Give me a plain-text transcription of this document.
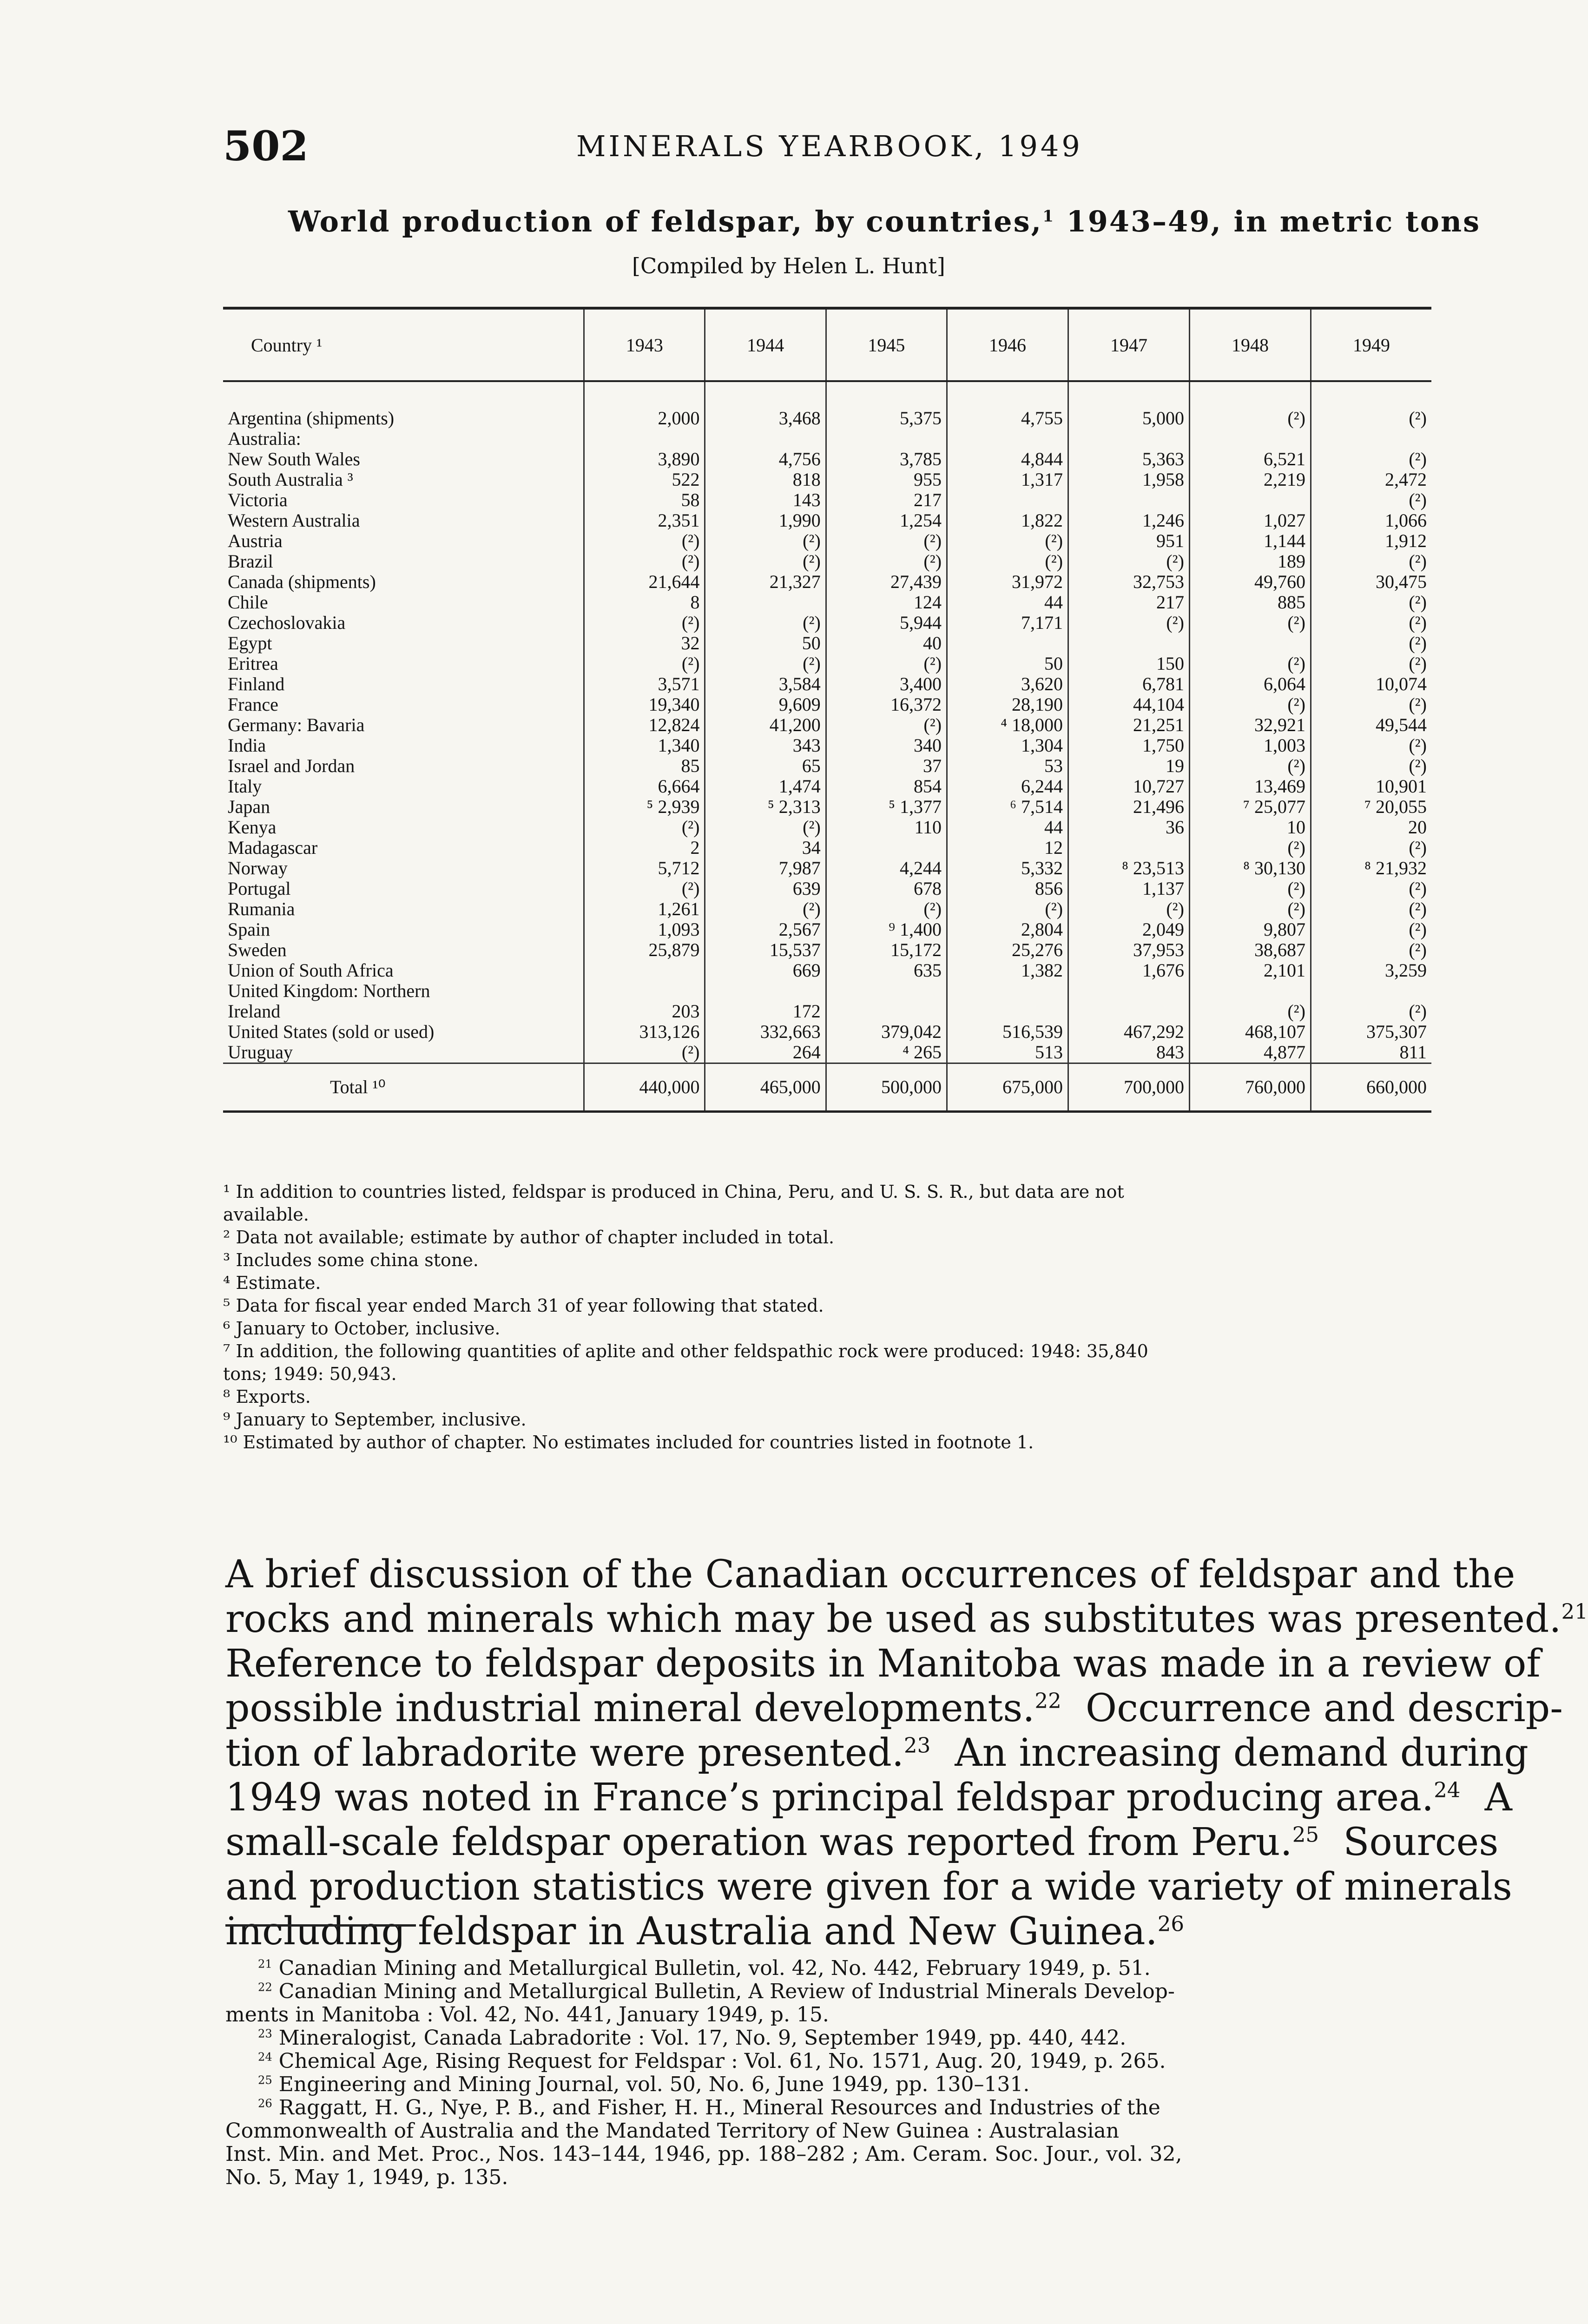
502	MINERALS YEARBOOK, 1949
World production of feldspar, by countries,$^1$ 1943–49, in metric tons
[Compiled by Helen L. Hunt]
Country ¹	1943	1944	1945	1946	1947	1948	1949

Argentina (shipments)	2,000	3,468	5,375	4,755	5,000	(²)	(²)
Australia:							
New South Wales	3,890	4,756	3,785	4,844	5,363	6,521	(²)
South Australia ³	522	818	955	1,317	1,958	2,219	2,472
Victoria	58	143	217				(²)
Western Australia	2,351	1,990	1,254	1,822	1,246	1,027	1,066
Austria	(²)	(²)	(²)	(²)	951	1,144	1,912
Brazil	(²)	(²)	(²)	(²)	(²)	189	(²)
Canada (shipments)	21,644	21,327	27,439	31,972	32,753	49,760	30,475
Chile	8		124	44	217	885	(²)
Czechoslovakia	(²)	(²)	5,944	7,171	(²)	(²)	(²)
Egypt	32	50	40				(²)
Eritrea	(²)	(²)	(²)	50	150	(²)	(²)
Finland	3,571	3,584	3,400	3,620	6,781	6,064	10,074
France	19,340	9,609	16,372	28,190	44,104	(²)	(²)
Germany: Bavaria	12,824	41,200	(²)	⁴ 18,000	21,251	32,921	49,544
India	1,340	343	340	1,304	1,750	1,003	(²)
Israel and Jordan	85	65	37	53	19	(²)	(²)
Italy	6,664	1,474	854	6,244	10,727	13,469	10,901
Japan	⁵ 2,939	⁵ 2,313	⁵ 1,377	⁶ 7,514	21,496	⁷ 25,077	⁷ 20,055
Kenya	(²)	(²)	110	44	36	10	20
Madagascar	2	34		12		(²)	(²)
Norway	5,712	7,987	4,244	5,332	⁸ 23,513	⁸ 30,130	⁸ 21,932
Portugal	(²)	639	678	856	1,137	(²)	(²)
Rumania	1,261	(²)	(²)	(²)	(²)	(²)	(²)
Spain	1,093	2,567	⁹ 1,400	2,804	2,049	9,807	(²)
Sweden	25,879	15,537	15,172	25,276	37,953	38,687	(²)
Union of South Africa		669	635	1,382	1,676	2,101	3,259
United Kingdom: Northern							
Ireland	203	172				(²)	(²)
United States (sold or used)	313,126	332,663	379,042	516,539	467,292	468,107	375,307
Uruguay	(²)	264	⁴ 265	513	843	4,877	811
Total ¹⁰	440,000	465,000	500,000	675,000	700,000	760,000	660,000
¹ In addition to countries listed, feldspar is produced in China, Peru, and U. S. S. R., but data are not
available.
² Data not available; estimate by author of chapter included in total.
³ Includes some china stone.
⁴ Estimate.
⁵ Data for fiscal year ended March 31 of year following that stated.
⁶ January to October, inclusive.
⁷ In addition, the following quantities of aplite and other feldspathic rock were produced: 1948: 35,840
tons; 1949: 50,943.
⁸ Exports.
⁹ January to September, inclusive.
¹⁰ Estimated by author of chapter. No estimates included for countries listed in footnote 1.
A brief discussion of the Canadian occurrences of feldspar and the
rocks and minerals which may be used as substitutes was presented.$^{21}$
Reference to feldspar deposits in Manitoba was made in a review of
possible industrial mineral developments.$^{22}$  Occurrence and descrip-
tion of labradorite were presented.$^{23}$  An increasing demand during
1949 was noted in France’s principal feldspar producing area.$^{24}$  A
small-scale feldspar operation was reported from Peru.$^{25}$  Sources
and production statistics were given for a wide variety of minerals
including feldspar in Australia and New Guinea.$^{26}$
$^{21}$ Canadian Mining and Metallurgical Bulletin, vol. 42, No. 442, February 1949, p. 51.
$^{22}$ Canadian Mining and Metallurgical Bulletin, A Review of Industrial Minerals Develop-
ments in Manitoba : Vol. 42, No. 441, January 1949, p. 15.
$^{23}$ Mineralogist, Canada Labradorite : Vol. 17, No. 9, September 1949, pp. 440, 442.
$^{24}$ Chemical Age, Rising Request for Feldspar : Vol. 61, No. 1571, Aug. 20, 1949, p. 265.
$^{25}$ Engineering and Mining Journal, vol. 50, No. 6, June 1949, pp. 130–131.
$^{26}$ Raggatt, H. G., Nye, P. B., and Fisher, H. H., Mineral Resources and Industries of the
Commonwealth of Australia and the Mandated Territory of New Guinea : Australasian
Inst. Min. and Met. Proc., Nos. 143–144, 1946, pp. 188–282 ; Am. Ceram. Soc. Jour., vol. 32,
No. 5, May 1, 1949, p. 135.
